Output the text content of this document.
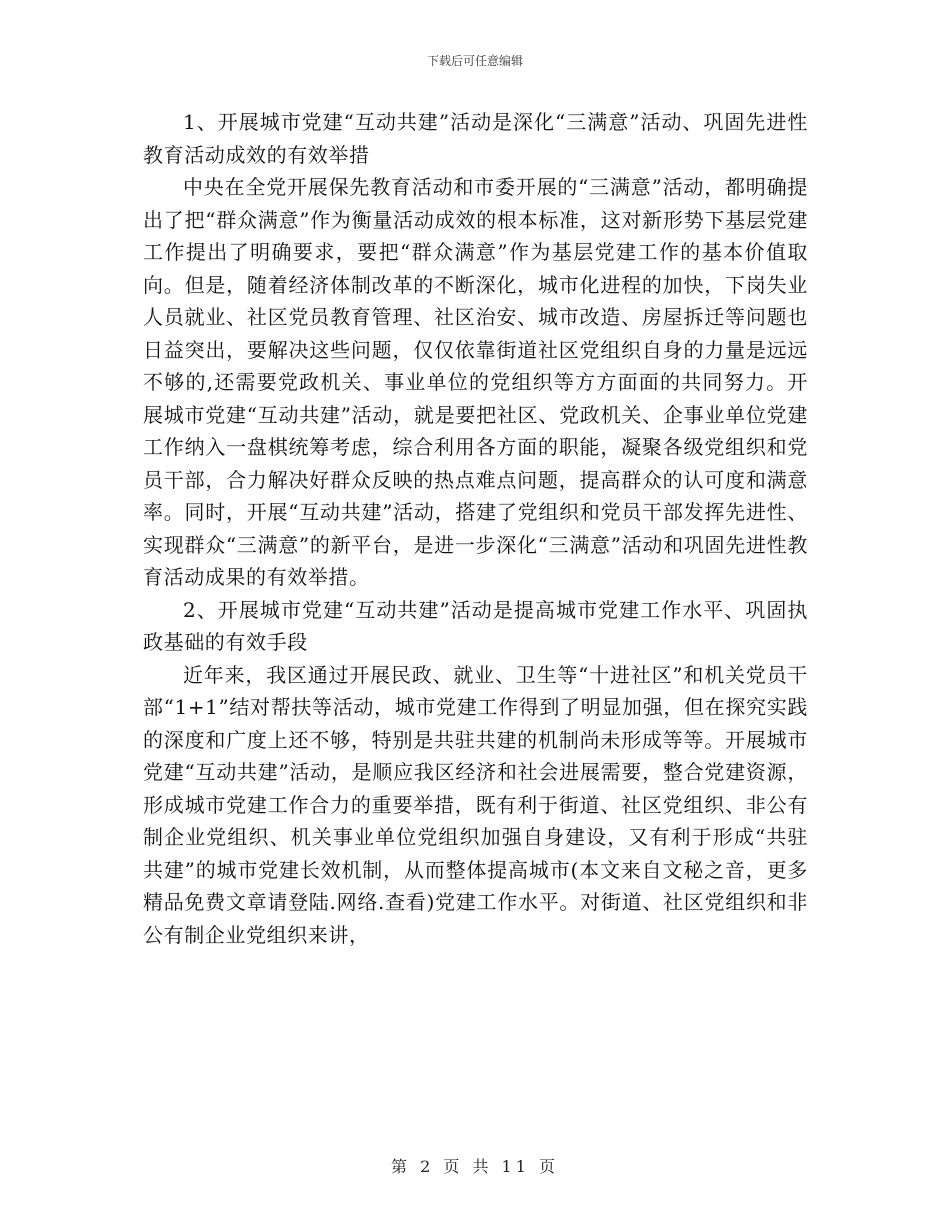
下载后可任意编辑

1、开展城市党建“互动共建”活动是深化“三满意”活动、巩固先进性教育活动成效的有效举措

中央在全党开展保先教育活动和市委开展的“三满意”活动，都明确提出了把“群众满意”作为衡量活动成效的根本标准，这对新形势下基层党建工作提出了明确要求，要把“群众满意”作为基层党建工作的基本价值取向。但是，随着经济体制改革的不断深化，城市化进程的加快，下岗失业人员就业、社区党员教育管理、社区治安、城市改造、房屋拆迁等问题也日益突出，要解决这些问题，仅仅依靠街道社区党组织自身的力量是远远不够的,还需要党政机关、事业单位的党组织等方方面面的共同努力。开展城市党建“互动共建”活动，就是要把社区、党政机关、企事业单位党建工作纳入一盘棋统筹考虑，综合利用各方面的职能，凝聚各级党组织和党员干部，合力解决好群众反映的热点难点问题，提高群众的认可度和满意率。同时，开展“互动共建”活动，搭建了党组织和党员干部发挥先进性、实现群众“三满意”的新平台，是进一步深化“三满意”活动和巩固先进性教育活动成果的有效举措。

2、开展城市党建“互动共建”活动是提高城市党建工作水平、巩固执政基础的有效手段

近年来，我区通过开展民政、就业、卫生等“十进社区”和机关党员干部“1+1”结对帮扶等活动，城市党建工作得到了明显加强，但在探究实践的深度和广度上还不够，特别是共驻共建的机制尚未形成等等。开展城市党建“互动共建”活动，是顺应我区经济和社会进展需要，整合党建资源，形成城市党建工作合力的重要举措，既有利于街道、社区党组织、非公有制企业党组织、机关事业单位党组织加强自身建设，又有利于形成“共驻共建”的城市党建长效机制，从而整体提高城市(本文来自文秘之音，更多精品免费文章请登陆.网络.查看)党建工作水平。对街道、社区党组织和非公有制企业党组织来讲，

第 2 页 共 11 页
